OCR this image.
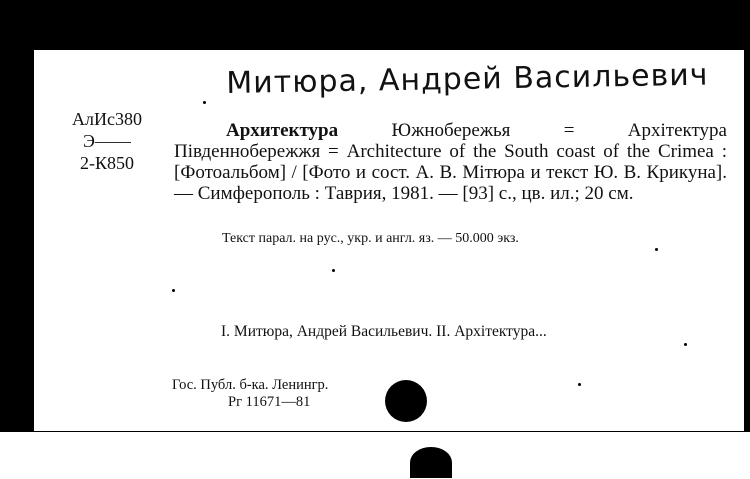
Митюра, Андрей Васильевич
АлИс380
Э——
2-К850
Архитектура Южнобережья = Архітектура Південнобережжя = Architecture of the South coast of the Crimea : [Фотоальбом] / [Фото и сост. А. В. Мітюра и текст Ю. В. Крикуна]. — Симферополь : Таврия, 1981. — [93] с., цв. ил.; 20 см.
Текст парал. на рус., укр. и англ. яз. — 50.000 экз.
I. Митюра, Андрей Васильевич. II. Архітектура...
Гос. Публ. б-ка. Ленингр.
Рг 11671—81
